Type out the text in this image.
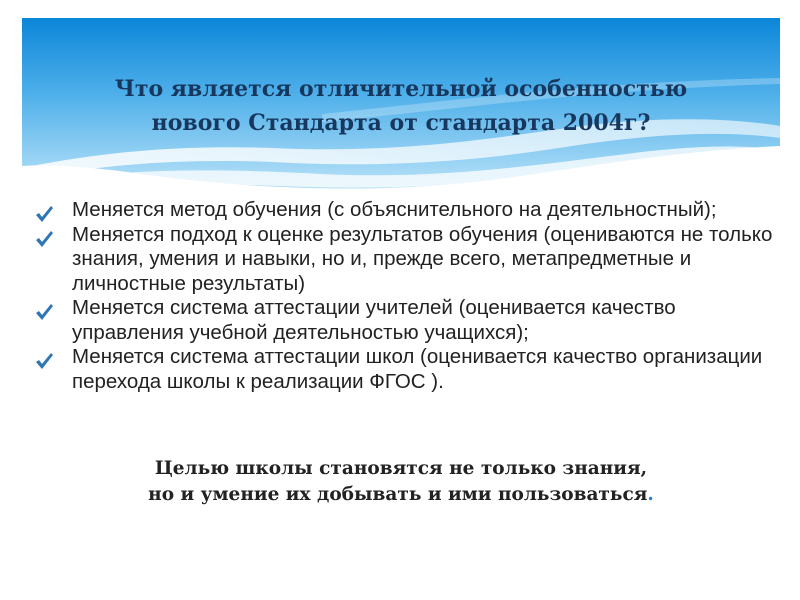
Что является отличительной особенностью
нового Стандарта от стандарта 2004г?
Меняется метод обучения (с объяснительного на деятельностный);
Меняется подход к оценке результатов обучения (оцениваются не только знания, умения и навыки, но и, прежде всего, метапредметные и личностные результаты)
Меняется система аттестации учителей (оценивается качество управления учебной деятельностью учащихся);
Меняется система аттестации школ (оценивается качество организации перехода школы к реализации ФГОС ).
Целью школы становятся не только знания,
но и умение их добывать и ими пользоваться.
